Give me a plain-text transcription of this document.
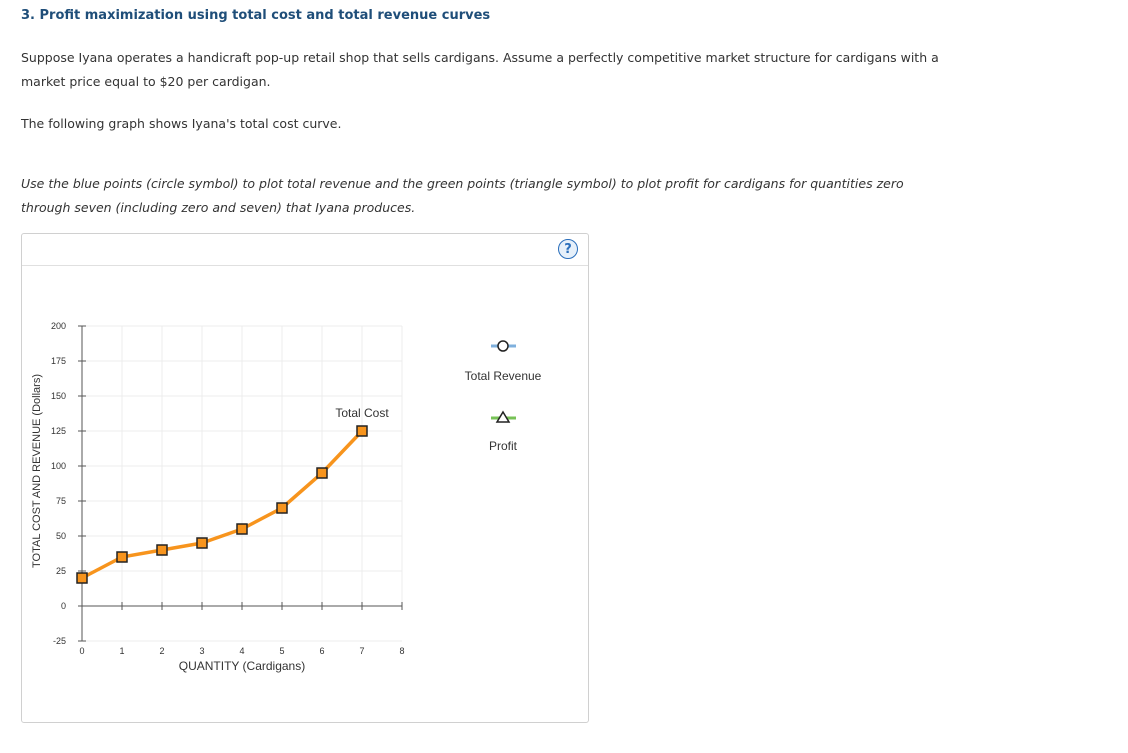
3. Profit maximization using total cost and total revenue curves

Suppose Iyana operates a handicraft pop-up retail shop that sells cardigans. Assume a perfectly competitive market structure for cardigans with a market price equal to $20 per cardigan.

The following graph shows Iyana's total cost curve.

Use the blue points (circle symbol) to plot total revenue and the green points (triangle symbol) to plot profit for cardigans for quantities zero through seven (including zero and seven) that Iyana produces.

?
-25
0
25
50
75
100
125
150
175
200
0	1	2	3	4	5	6	7	8
QUANTITY (Cardigans)
TOTAL COST AND REVENUE (Dollars)	Total Cost
Total Revenue
Profit
